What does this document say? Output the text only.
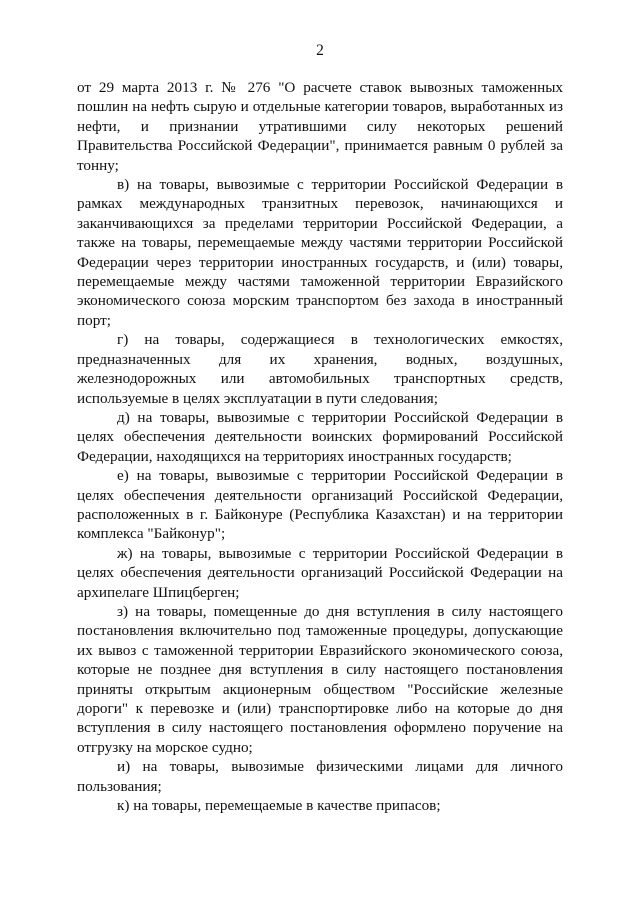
2

от 29 марта 2013 г. № 276 "О расчете ставок вывозных таможенных пошлин на нефть сырую и отдельные категории товаров, выработанных из нефти, и признании утратившими силу некоторых решений Правительства Российской Федерации", принимается равным 0 рублей за тонну;

в) на товары, вывозимые с территории Российской Федерации в рамках международных транзитных перевозок, начинающихся и заканчивающихся за пределами территории Российской Федерации, а также на товары, перемещаемые между частями территории Российской Федерации через территории иностранных государств, и (или) товары, перемещаемые между частями таможенной территории Евразийского экономического союза морским транспортом без захода в иностранный порт;

г) на товары, содержащиеся в технологических емкостях, предназначенных для их хранения, водных, воздушных, железнодорожных или автомобильных транспортных средств, используемые в целях эксплуатации в пути следования;

д) на товары, вывозимые с территории Российской Федерации в целях обеспечения деятельности воинских формирований Российской Федерации, находящихся на территориях иностранных государств;

е) на товары, вывозимые с территории Российской Федерации в целях обеспечения деятельности организаций Российской Федерации, расположенных в г. Байконуре (Республика Казахстан) и на территории комплекса "Байконур";

ж) на товары, вывозимые с территории Российской Федерации в целях обеспечения деятельности организаций Российской Федерации на архипелаге Шпицберген;

з) на товары, помещенные до дня вступления в силу настоящего постановления включительно под таможенные процедуры, допускающие их вывоз с таможенной территории Евразийского экономического союза, которые не позднее дня вступления в силу настоящего постановления приняты открытым акционерным обществом "Российские железные дороги" к перевозке и (или) транспортировке либо на которые до дня вступления в силу настоящего постановления оформлено поручение на отгрузку на морское судно;

и) на товары, вывозимые физическими лицами для личного пользования;

к) на товары, перемещаемые в качестве припасов;
